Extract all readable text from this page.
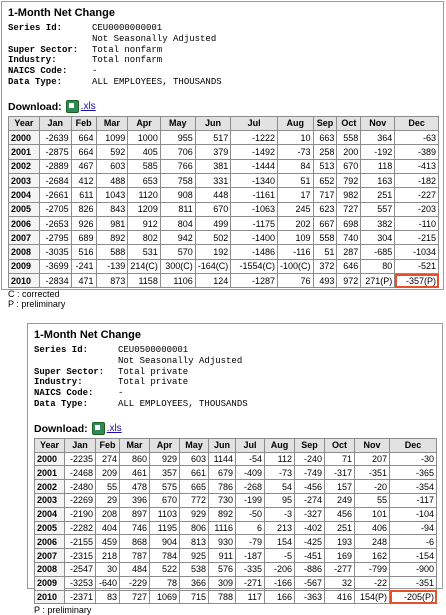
1-Month Net Change
Series Id:	CEU0000000001
Not Seasonally Adjusted
Super Sector:	Total nonfarm
Industry:	Total nonfarm
NAICS Code:	-
Data Type:	ALL EMPLOYEES, THOUSANDS
Download: .xls
Year	Jan	Feb	Mar	Apr	May	Jun	Jul	Aug	Sep	Oct	Nov	Dec
2000	-2639	664	1099	1000	955	517	-1222	10	663	558	364	-63
2001	-2875	664	592	405	706	379	-1492	-73	258	200	-192	-389
2002	-2889	467	603	585	766	381	-1444	84	513	670	118	-413
2003	-2684	412	488	653	758	331	-1340	51	652	792	163	-182
2004	-2661	611	1043	1120	908	448	-1161	17	717	982	251	-227
2005	-2705	826	843	1209	811	670	-1063	245	623	727	557	-203
2006	-2653	926	981	912	804	499	-1175	202	667	698	382	-110
2007	-2795	689	892	802	942	502	-1400	109	558	740	304	-215
2008	-3035	516	588	531	570	192	-1486	-116	51	287	-685	-1034
2009	-3699	-241	-139	214(C)	300(C)	-164(C)	-1554(C)	-100(C)	372	646	80	-521
2010	-2834	471	873	1158	1106	124	-1287	76	493	972	271(P)	-357(P)
C : corrected
P : preliminary
1-Month Net Change
Series Id:	CEU0500000001
Not Seasonally Adjusted
Super Sector:	Total private
Industry:	Total private
NAICS Code:	-
Data Type:	ALL EMPLOYEES, THOUSANDS
Download: .xls
Year	Jan	Feb	Mar	Apr	May	Jun	Jul	Aug	Sep	Oct	Nov	Dec
2000	-2235	274	860	929	603	1144	-54	112	-240	71	207	-30
2001	-2468	209	461	357	661	679	-409	-73	-749	-317	-351	-365
2002	-2480	55	478	575	665	786	-268	54	-456	157	-20	-354
2003	-2269	29	396	670	772	730	-199	95	-274	249	55	-117
2004	-2190	208	897	1103	929	892	-50	-3	-327	456	101	-104
2005	-2282	404	746	1195	806	1116	6	213	-402	251	406	-94
2006	-2155	459	868	904	813	930	-79	154	-425	193	248	-6
2007	-2315	218	787	784	925	911	-187	-5	-451	169	162	-154
2008	-2547	30	484	522	538	576	-335	-206	-886	-277	-799	-900
2009	-3253	-640	-229	78	366	309	-271	-166	-567	32	-22	-351
2010	-2371	83	727	1069	715	788	117	166	-363	416	154(P)	-205(P)
P : preliminary
